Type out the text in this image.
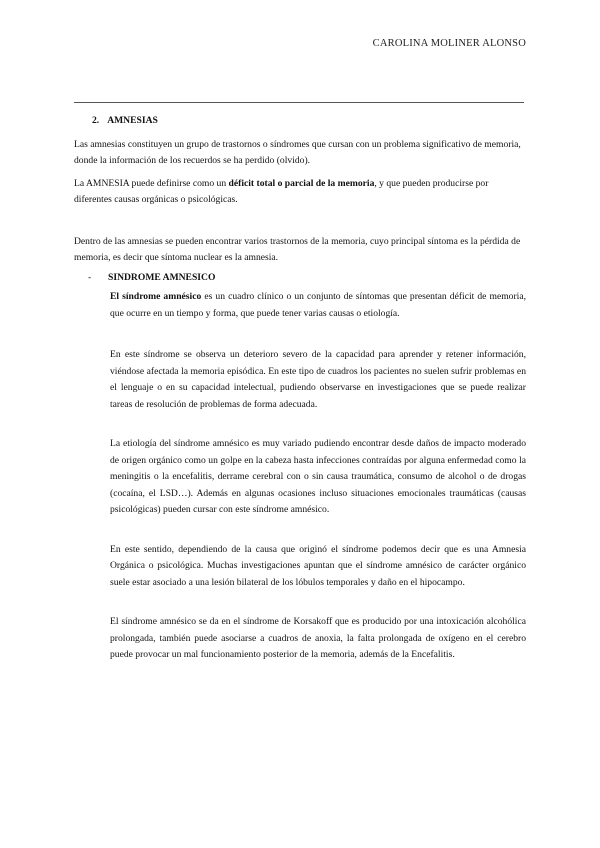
CAROLINA MOLINER ALONSO
2. AMNESIAS

Las amnesias constituyen un grupo de trastornos o síndromes que cursan con un problema significativo de memoria, donde la información de los recuerdos se ha perdido (olvido).

La AMNESIA puede definirse como un déficit total o parcial de la memoria, y que pueden producirse por diferentes causas orgánicas o psicológicas.

Dentro de las amnesias se pueden encontrar varios trastornos de la memoria, cuyo principal síntoma es la pérdida de memoria, es decir que síntoma nuclear es la amnesia.

-	SINDROME AMNESICO

El síndrome amnésico es un cuadro clínico o un conjunto de síntomas que presentan déficit de memoria, que ocurre en un tiempo y forma, que puede tener varias causas o etiología.

En este síndrome se observa un deterioro severo de la capacidad para aprender y retener información, viéndose afectada la memoria episódica. En este tipo de cuadros los pacientes no suelen sufrir problemas en el lenguaje o en su capacidad intelectual, pudiendo observarse en investigaciones que se puede realizar tareas de resolución de problemas de forma adecuada.

La etiología del síndrome amnésico es muy variado pudiendo encontrar desde daños de impacto moderado de origen orgánico como un golpe en la cabeza hasta infecciones contraídas por alguna enfermedad como la meningitis o la encefalitis, derrame cerebral con o sin causa traumática, consumo de alcohol o de drogas (cocaína, el LSD…). Además en algunas ocasiones incluso situaciones emocionales traumáticas (causas psicológicas) pueden cursar con este síndrome amnésico.

En este sentido, dependiendo de la causa que originó el síndrome podemos decir que es una Amnesia Orgánica o psicológica. Muchas investigaciones apuntan que el síndrome amnésico de carácter orgánico suele estar asociado a una lesión bilateral de los lóbulos temporales y daño en el hipocampo.

El síndrome amnésico se da en el síndrome de Korsakoff que es producido por una intoxicación alcohólica prolongada, también puede asociarse a cuadros de anoxia, la falta prolongada de oxígeno en el cerebro puede provocar un mal funcionamiento posterior de la memoria, además de la Encefalitis.
